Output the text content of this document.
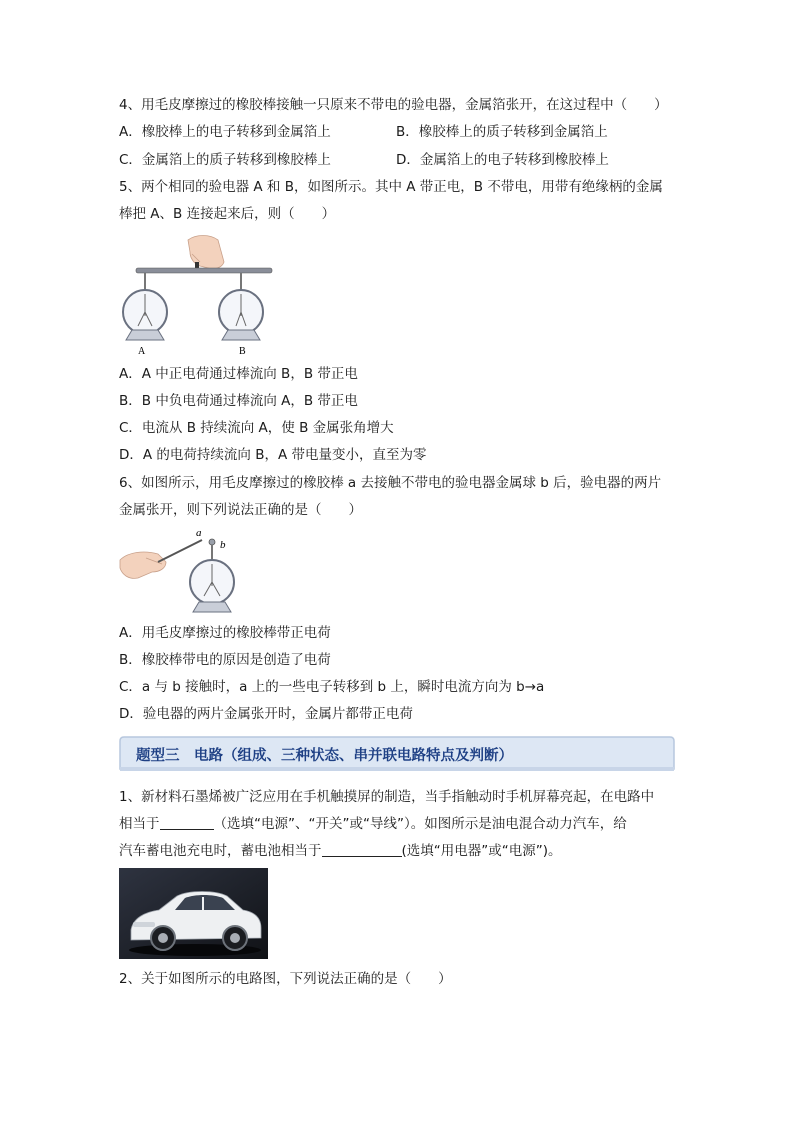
4、用毛皮摩擦过的橡胶棒接触一只原来不带电的验电器，金属箔张开，在这过程中（　　）
A．橡胶棒上的电子转移到金属箔上	B．橡胶棒上的质子转移到金属箔上
C．金属箔上的质子转移到橡胶棒上	D．金属箔上的电子转移到橡胶棒上
5、两个相同的验电器 A 和 B，如图所示。其中 A 带正电，B 不带电，用带有绝缘柄的金属
棒把 A、B 连接起来后，则（　　）
A	B
A．A 中正电荷通过棒流向 B，B 带正电
B．B 中负电荷通过棒流向 A，B 带正电
C．电流从 B 持续流向 A，使 B 金属张角增大
D．A 的电荷持续流向 B，A 带电量变小，直至为零
6、如图所示，用毛皮摩擦过的橡胶棒 a 去接触不带电的验电器金属球 b 后，验电器的两片
金属张开，则下列说法正确的是（　　）
a
b
A．用毛皮摩擦过的橡胶棒带正电荷
B．橡胶棒带电的原因是创造了电荷
C．a 与 b 接触时，a 上的一些电子转移到 b 上，瞬时电流方向为 b→a
D．验电器的两片金属张开时，金属片都带正电荷
题型三　电路（组成、三种状态、串并联电路特点及判断）
1、新材料石墨烯被广泛应用在手机触摸屏的制造，当手指触动时手机屏幕亮起，在电路中
相当于	（选填“电源”、“开关”或“导线”）。如图所示是油电混合动力汽车，给
汽车蓄电池充电时，蓄电池相当于	(选填“用电器”或“电源”)。
2、关于如图所示的电路图，下列说法正确的是（　　）
